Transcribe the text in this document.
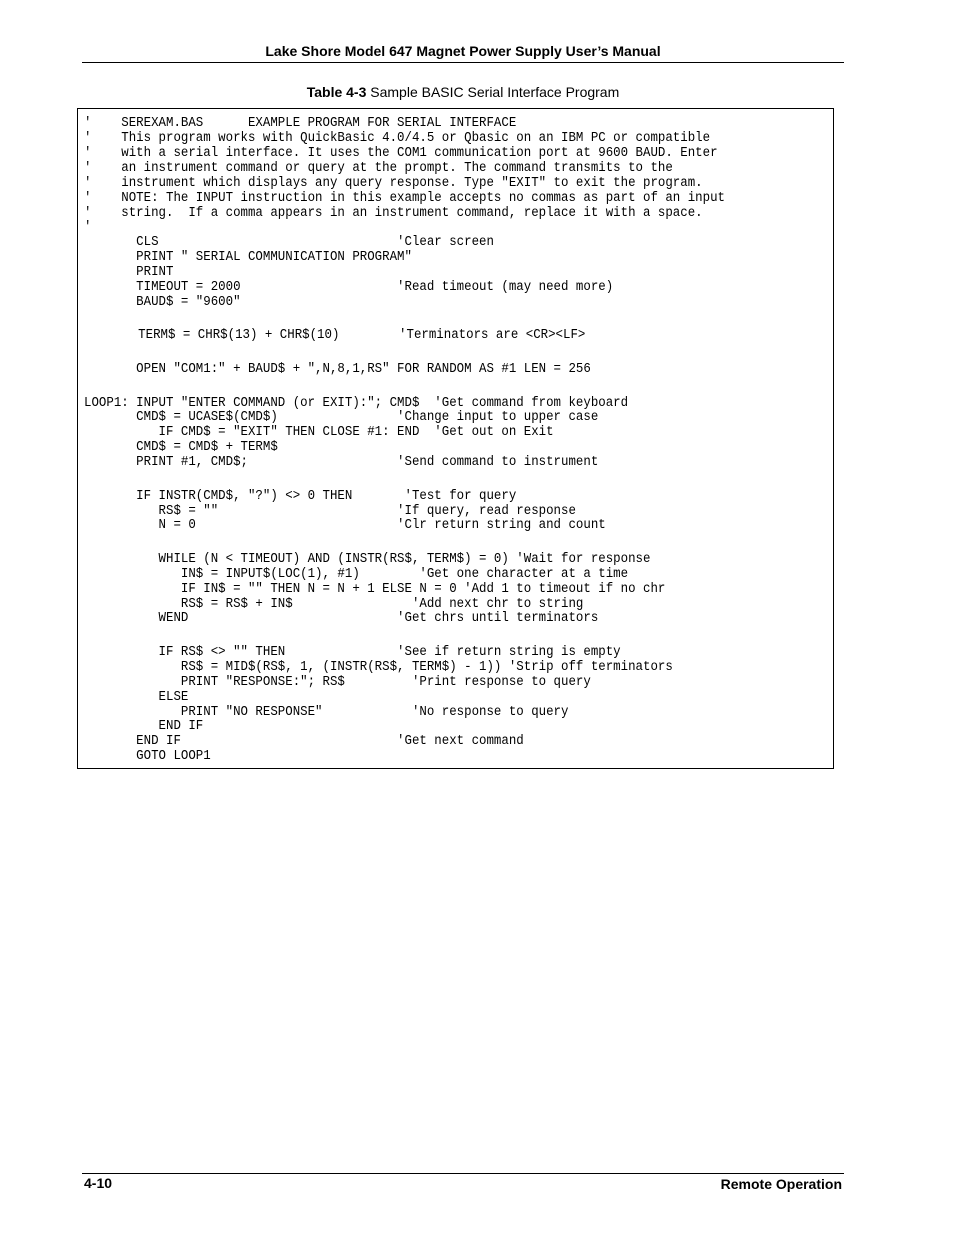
Lake Shore Model 647 Magnet Power Supply User’s Manual
Table 4-3 Sample BASIC Serial Interface Program
'    SEREXAM.BAS      EXAMPLE PROGRAM FOR SERIAL INTERFACE
'    This program works with QuickBasic 4.0/4.5 or Qbasic on an IBM PC or compatible
'    with a serial interface. It uses the COM1 communication port at 9600 BAUD. Enter
'    an instrument command or query at the prompt. The command transmits to the
'    instrument which displays any query response. Type "EXIT" to exit the program.
'    NOTE: The INPUT instruction in this example accepts no commas as part of an input
'    string.  If a comma appears in an instrument command, replace it with a space.
'
CLS                                'Clear screen
PRINT " SERIAL COMMUNICATION PROGRAM"
PRINT
TIMEOUT = 2000                     'Read timeout (may need more)
BAUD$ = "9600"
TERM$ = CHR$(13) + CHR$(10)        'Terminators are <CR><LF>
OPEN "COM1:" + BAUD$ + ",N,8,1,RS" FOR RANDOM AS #1 LEN = 256
LOOP1: INPUT "ENTER COMMAND (or EXIT):"; CMD$  'Get command from keyboard
CMD$ = UCASE$(CMD$)                'Change input to upper case
IF CMD$ = "EXIT" THEN CLOSE #1: END  'Get out on Exit
CMD$ = CMD$ + TERM$
PRINT #1, CMD$;                    'Send command to instrument
IF INSTR(CMD$, "?") <> 0 THEN       'Test for query
RS$ = ""                        'If query, read response
N = 0                           'Clr return string and count
WHILE (N < TIMEOUT) AND (INSTR(RS$, TERM$) = 0) 'Wait for response
IN$ = INPUT$(LOC(1), #1)        'Get one character at a time
IF IN$ = "" THEN N = N + 1 ELSE N = 0 'Add 1 to timeout if no chr
RS$ = RS$ + IN$                'Add next chr to string
WEND                            'Get chrs until terminators
IF RS$ <> "" THEN               'See if return string is empty
RS$ = MID$(RS$, 1, (INSTR(RS$, TERM$) - 1)) 'Strip off terminators
PRINT "RESPONSE:"; RS$         'Print response to query
ELSE
PRINT "NO RESPONSE"            'No response to query
END IF
END IF                             'Get next command
GOTO LOOP1
4-10	Remote Operation
